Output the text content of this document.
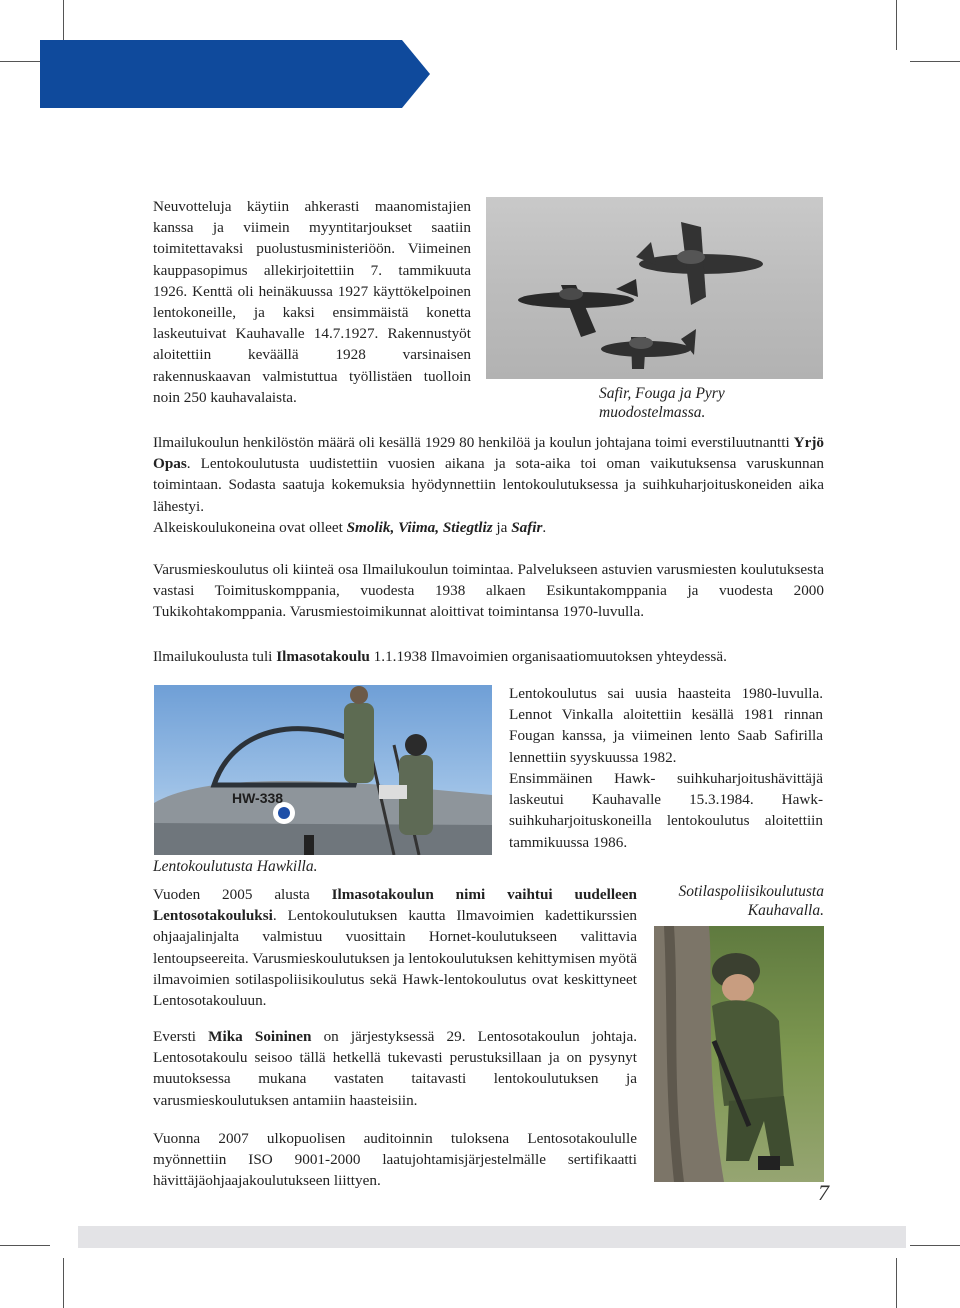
Neuvotteluja käytiin ahkerasti maanomistajien kanssa ja viimein myyntitarjoukset saatiin toimitettavaksi puolustusministeriöön. Viimeinen kauppasopimus allekirjoitettiin 7. tammikuuta 1926. Kenttä oli heinäkuussa 1927 käyttökelpoinen lentokoneille, ja kaksi ensimmäistä konetta laskeutuivat Kauhavalle 14.7.1927. Rakennustyöt aloitettiin keväällä 1928 varsinaisen rakennuskaavan valmistuttua työllistäen tuolloin noin 250 kauhavalaista.	Safir, Fouga ja Pyry muodostelmassa.

Ilmailukoulun henkilöstön määrä oli kesällä 1929 80 henkilöä ja koulun johtajana toimi everstiluutnantti Yrjö Opas. Lentokoulutusta uudistettiin vuosien aikana ja sota-aika toi oman vaikutuksensa varuskunnan toimintaan. Sodasta saatuja kokemuksia hyödynnettiin lentokoulutuksessa ja suihkuharjoituskoneiden aika lähestyi.

Alkeiskoulukoneina ovat olleet Smolik, Viima, Stiegtliz ja Safir.

Varusmieskoulutus oli kiinteä osa Ilmailukoulun toimintaa. Palvelukseen astuvien varusmiesten koulutuksesta vastasi Toimituskomppania, vuodesta 1938 alkaen Esikuntakomppania ja vuodesta 2000 Tukikohtakomppania. Varusmiestoimikunnat aloittivat toimintansa 1970-luvulla.

Ilmailukoulusta tuli Ilmasotakoulu 1.1.1938 Ilmavoimien organisaatiomuutoksen yhteydessä.

HW-338

Lentokoulutus sai uusia haasteita 1980-luvulla. Lennot Vinkalla aloitettiin kesällä 1981 rinnan Fougan kanssa, ja viimeinen lento Saab Safirilla lennettiin syyskuussa 1982.

Ensimmäinen Hawk- suihkuharjoitushävittäjä laskeutui Kauhavalle 15.3.1984. Hawk-suihkuharjoituskoneilla lentokoulutus aloitettiin tammikuussa 1986.

Lentokoulutusta Hawkilla.

Vuoden 2005 alusta Ilmasotakoulun nimi vaihtui uudelleen Lentosotakouluksi. Lentokoulutuksen kautta Ilmavoimien kadettikurssien ohjaajalinjalta valmistuu vuosittain Hornet-koulutukseen valittavia lentoupseereita. Varusmieskoulutuksen ja lentokoulutuksen kehittymisen myötä ilmavoimien sotilaspoliisikoulutus sekä Hawk-lentokoulutus ovat keskittyneet Lentosotakouluun.

Sotilaspoliisikoulutusta Kauhavalla.

Eversti Mika Soininen on järjestyksessä 29. Lentosotakoulun johtaja. Lentosotakoulu seisoo tällä hetkellä tukevasti perustuksillaan ja on pysynyt muutoksessa mukana vastaten taitavasti lentokoulutuksen ja varusmieskoulutuksen antamiin haasteisiin.

Vuonna 2007 ulkopuolisen auditoinnin tuloksena Lentosotakoululle myönnettiin ISO 9001-2000 laatujohtamisjärjestelmälle sertifikaatti hävittäjäohjaajakoulutukseen liittyen.	7
